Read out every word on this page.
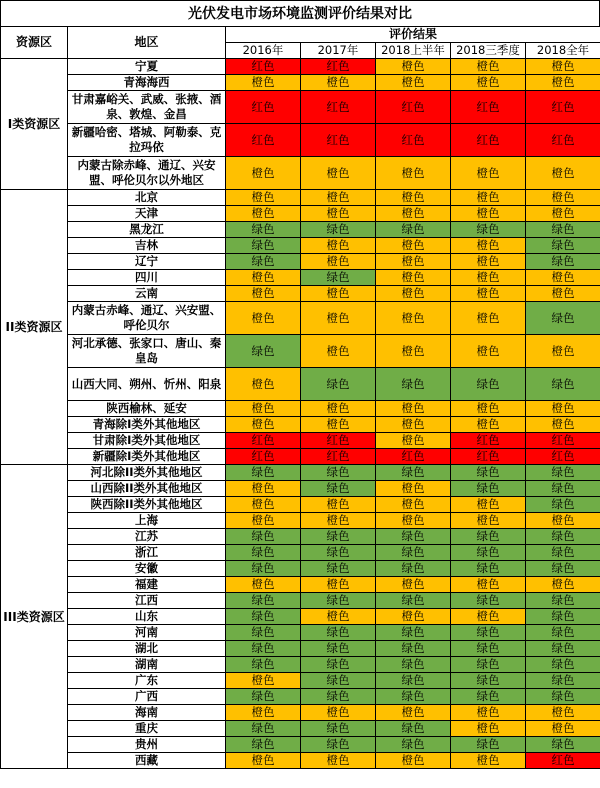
光伏发电市场环境监测评价结果对比
资源区	地区	评价结果				
		2016年	2017年	2018上半年	2018三季度	2018全年
I类资源区	宁夏	红色	红色	橙色	橙色	橙色
	青海海西	橙色	橙色	橙色	橙色	橙色
	甘肃嘉峪关、武威、张掖、酒泉、敦煌、金昌	红色	红色	红色	红色	红色
	新疆哈密、塔城、阿勒泰、克拉玛依	红色	红色	红色	红色	红色
	内蒙古除赤峰、通辽、兴安盟、呼伦贝尔以外地区	橙色	橙色	橙色	橙色	橙色
II类资源区	北京	橙色	橙色	橙色	橙色	橙色
	天津	橙色	橙色	橙色	橙色	橙色
	黑龙江	绿色	绿色	绿色	绿色	绿色
	吉林	绿色	橙色	橙色	橙色	绿色
	辽宁	绿色	橙色	橙色	橙色	绿色
	四川	橙色	绿色	橙色	橙色	橙色
	云南	橙色	橙色	橙色	橙色	橙色
	内蒙古赤峰、通辽、兴安盟、呼伦贝尔	橙色	橙色	橙色	橙色	绿色
	河北承德、张家口、唐山、秦皇岛	绿色	橙色	橙色	橙色	橙色
	山西大同、朔州、忻州、阳泉	橙色	绿色	绿色	绿色	绿色
	陕西榆林、延安	橙色	橙色	橙色	橙色	橙色
	青海除I类外其他地区	橙色	橙色	橙色	橙色	橙色
	甘肃除I类外其他地区	红色	红色	橙色	红色	红色
	新疆除I类外其他地区	红色	红色	红色	红色	红色
III类资源区	河北除II类外其他地区	绿色	绿色	绿色	绿色	绿色
	山西除II类外其他地区	橙色	绿色	橙色	绿色	绿色
	陕西除II类外其他地区	橙色	橙色	橙色	橙色	绿色
	上海	橙色	橙色	橙色	橙色	橙色
	江苏	绿色	绿色	绿色	绿色	绿色
	浙江	绿色	绿色	绿色	绿色	绿色
	安徽	绿色	绿色	绿色	绿色	绿色
	福建	橙色	橙色	橙色	橙色	橙色
	江西	绿色	绿色	绿色	绿色	绿色
	山东	绿色	橙色	橙色	橙色	绿色
	河南	绿色	绿色	绿色	绿色	绿色
	湖北	绿色	绿色	绿色	绿色	绿色
	湖南	绿色	绿色	绿色	绿色	绿色
	广东	橙色	绿色	绿色	绿色	绿色
	广西	绿色	绿色	绿色	绿色	绿色
	海南	橙色	橙色	橙色	橙色	橙色
	重庆	绿色	绿色	绿色	橙色	橙色
	贵州	绿色	绿色	绿色	绿色	绿色
	西藏	橙色	橙色	橙色	橙色	红色
